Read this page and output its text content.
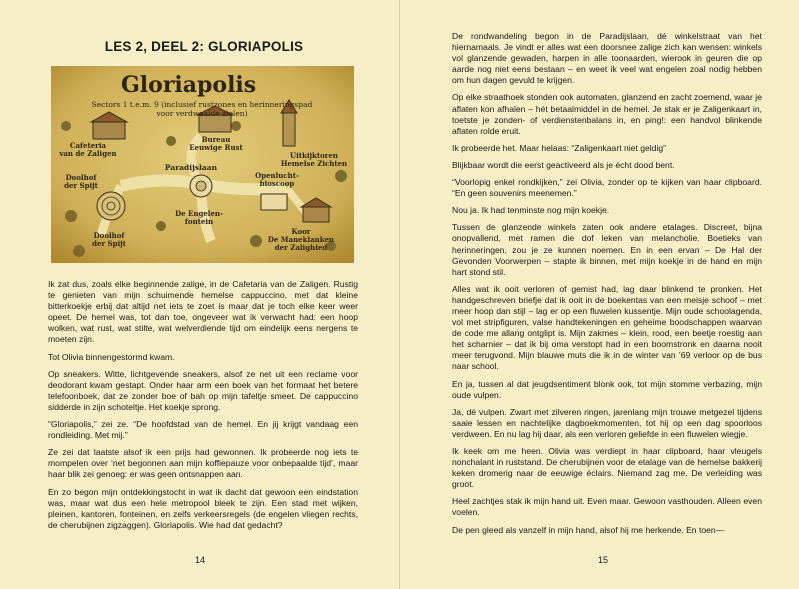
LES 2, DEEL 2: GLORIAPOLIS
Gloriapolis
Sectors 1 t.e.m. 9 (inclusief rustzones en herinneringspad
voor verdwaalde zielen)
Cafeteria
van de Zaligen
Bureau
Eeuwige Rust
Uitkijktoren
Hemelse Zichten
Paradijslaan
Doolhof
der Spijt
Openlucht-
bioscoop
De Engelen-
fontein
Doolhof
der Spijt
Koor
De Maneklanken
der Zalighied

Ik zat dus, zoals elke beginnende zalige, in de Cafetaria van de Zaligen. Rustig te genieten van mijn schuimende hemelse cappuccino, met dat kleine bitterkoekje erbij dat altijd net iets te zoet is maar dat je toch elke keer weer opeet. De hemel was, tot dan toe, ongeveer wat ik verwacht had: een hoop wolken, wat rust, wat stilte, wat welverdiende tijd om eindelijk eens nergens te moeten zijn.

Tot Olivia binnengestormd kwam.

Op sneakers. Witte, lichtgevende sneakers, alsof ze net uit een reclame voor deodorant kwam gestapt. Onder haar arm een boek van het formaat het betere telefoonboek, dat ze zonder boe of bah op mijn tafeltje smeet. De cappuccino sidderde in zijn schoteltje. Het koekje sprong.

“Gloriapolis,” zei ze. “De hoofdstad van de hemel. En jij krijgt vandaag een rondleiding. Met mij.”

Ze zei dat laatste alsof ik een prijs had gewonnen. Ik probeerde nog iets te mompelen over ‘net begonnen aan mijn koffiepauze voor onbepaalde tijd’, maar haar blik zei genoeg: er was geen ontsnappen aan.

En zo begon mijn ontdekkingstocht in wat ik dacht dat gewoon een eindstation was, maar wat dus een hele metropool bleek te zijn. Een stad met wijken, pleinen, kantoren, fonteinen, en zelfs verkeersregels (de engelen vliegen rechts, de cherubijnen zigzaggen). Gloriapolis. Wie had dat gedacht?

14

De rondwandeling begon in de Paradijslaan, dé winkelstraat van het hiernamaals. Je vindt er alles wat een doorsnee zalige zich kan wensen: winkels vol glanzende gewaden, harpen in alle toonaarden, wierook in geuren die op aarde nog niet eens bestaan – en weet ik veel wat engelen zoal nodig hebben om hun dagen gevuld te krijgen.

Op elke straathoek stonden ook automaten, glanzend en zacht zoemend, waar je aflaten kon afhalen – hét betaalmiddel in de hemel. Je stak er je Zaligenkaart in, toetste je zonden- of verdienstenbalans in, en ping!: een handvol blinkende aflaten rolde eruit.

Ik probeerde het. Maar helaas: “Zaligenkaart niet geldig”

Blijkbaar wordt die eerst geactiveerd als je écht dood bent.

“Voorlopig enkel rondkijken,” zei Olivia, zonder op te kijken van haar clipboard. “En geen souvenirs meenemen.”

Nou ja. Ik had tenminste nog mijn koekje.

Tussen de glanzende winkels zaten ook andere etalages. Discreet, bijna onopvallend, met ramen die dof leken van melancholie. Boetieks van herinneringen, zou je ze kunnen noemen. En in een ervan – De Hal der Gevonden Voorwerpen – stapte ik binnen, met mijn koekje in de hand en mijn hart stond stil.

Alles wat ik ooit verloren of gemist had, lag daar blinkend te pronken. Het handgeschreven briefje dat ik ooit in de boekentas van een meisje schoof – met meer hoop dan stijl – lag er op een fluwelen kussentje. Mijn oude schoolagenda, vol met stripfiguren, valse handtekeningen en geheime boodschappen waarvan de code me allang ontglipt is. Mijn zakmes – klein, rood, een beetje roestig aan het scharnier – dat ik bij oma verstopt had in een boomstronk en daarna nooit meer terugvond. Mijn blauwe muts die ik in de winter van ’69 verloor op de bus naar school.

En ja, tussen al dat jeugdsentiment blonk ook, tot mijn stomme verbazing, mijn oude vulpen.

Ja, dé vulpen. Zwart met zilveren ringen, jarenlang mijn trouwe metgezel tijdens saaie lessen en nachtelijke dagboekmomenten, tot hij op een dag spoorloos verdween. En nu lag hij daar, als een verloren geliefde in een fluwelen wiegje.

Ik keek om me heen. Olivia was verdiept in haar clipboard, haar vleugels nonchalant in ruststand. De cherubijnen voor de etalage van de hemelse bakkerij keken dromerig naar de eeuwige éclairs. Niemand zag me. De verleiding was groot.

Heel zachtjes stak ik mijn hand uit. Even maar. Gewoon vasthouden. Alleen even voelen.

De pen gleed als vanzelf in mijn hand, alsof hij me herkende. En toen—

15
